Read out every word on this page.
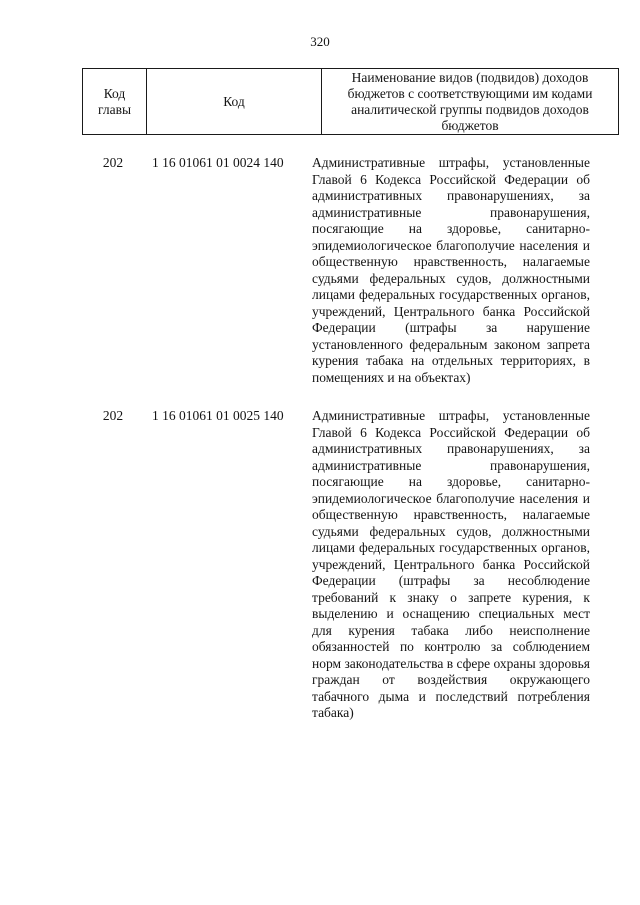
320
Код главы	Код	Наименование видов (подвидов) доходов бюджетов с соответствующими им кодами аналитической группы подвидов доходов бюджетов
202	1 16 01061 01 0024 140	Административные штрафы, установленные Главой 6 Кодекса Российской Федерации об административных правонарушениях, за административные правонарушения, посягающие на здоровье, санитарно-эпидемиологическое благополучие населения и общественную нравственность, налагаемые судьями федеральных судов, должностными лицами федеральных государственных органов, учреждений, Центрального банка Российской Федерации (штрафы за нарушение установленного федеральным законом запрета курения табака на отдельных территориях, в помещениях и на объектах)
202	1 16 01061 01 0025 140	Административные штрафы, установленные Главой 6 Кодекса Российской Федерации об административных правонарушениях, за административные правонарушения, посягающие на здоровье, санитарно-эпидемиологическое благополучие населения и общественную нравственность, налагаемые судьями федеральных судов, должностными лицами федеральных государственных органов, учреждений, Центрального банка Российской Федерации (штрафы за несоблюдение требований к знаку о запрете курения, к выделению и оснащению специальных мест для курения табака либо неисполнение обязанностей по контролю за соблюдением норм законодательства в сфере охраны здоровья граждан от воздействия окружающего табачного дыма и последствий потребления табака)
